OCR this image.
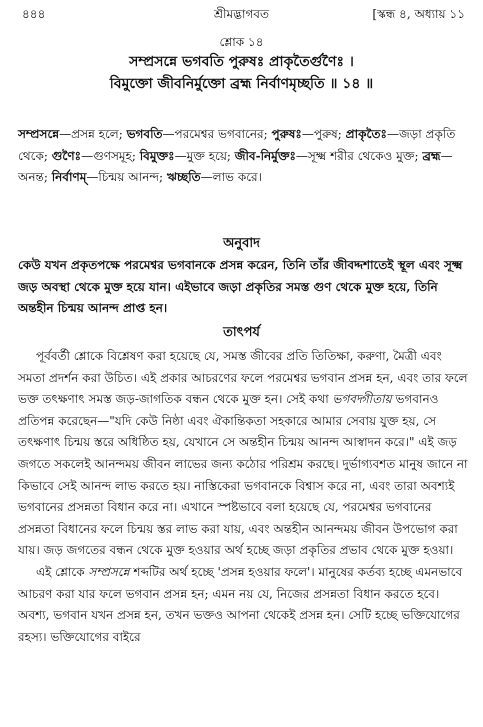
৪৪৪	শ্রীমদ্ভাগবত	[স্কন্ধ ৪, অধ্যায় ১১
শ্লোক ১৪
সম্প্রসন্নে ভগবতি পুরুষঃ প্রাকৃতৈর্গুণৈঃ ।
বিমুক্তো জীবনির্মুক্তো ব্রহ্ম নির্বাণমৃচ্ছতি ॥ ১৪ ॥

সম্প্রসন্নে—প্রসন্ন হলে; ভগবতি—পরমেশ্বর ভগবানের; পুরুষঃ—পুরুষ; প্রাকৃতৈঃ—জড়া প্রকৃতি থেকে; গুণৈঃ—গুণসমূহ; বিমুক্তঃ—মুক্ত হয়ে; জীব-নির্মুক্তঃ—সূক্ষ্ম শরীর থেকেও মুক্ত; ব্রহ্ম—অনন্ত; নির্বাণম্—চিন্ময় আনন্দ; ঋচ্ছতি—লাভ করে।

অনুবাদ

কেউ যখন প্রকৃতপক্ষে পরমেশ্বর ভগবানকে প্রসন্ন করেন, তিনি তাঁর জীবদ্দশাতেই স্থূল এবং সূক্ষ্ম জড় অবস্থা থেকে মুক্ত হয়ে যান। এইভাবে জড়া প্রকৃতির সমস্ত গুণ থেকে মুক্ত হয়ে, তিনি অন্তহীন চিন্ময় আনন্দ প্রাপ্ত হন।

তাৎপর্য

পূর্ববর্তী শ্লোকে বিশ্লেষণ করা হয়েছে যে, সমস্ত জীবের প্রতি তিতিক্ষা, করুণা, মৈত্রী এবং সমতা প্রদর্শন করা উচিত। এই প্রকার আচরণের ফলে পরমেশ্বর ভগবান প্রসন্ন হন, এবং তার ফলে ভক্ত তৎক্ষণাৎ সমস্ত জড়-জাগতিক বন্ধন থেকে মুক্ত হন। সেই কথা ভগবদ্গীতায় ভগবানও প্রতিপন্ন করেছেন—"যদি কেউ নিষ্ঠা এবং ঐকান্তিকতা সহকারে আমার সেবায় যুক্ত হয়, সে তৎক্ষণাৎ চিন্ময় স্তরে অধিষ্ঠিত হয়, যেখানে সে অন্তহীন চিন্ময় আনন্দ আস্বাদন করে।" এই জড় জগতে সকলেই আনন্দময় জীবন লাভের জন্য কঠোর পরিশ্রম করছে। দুর্ভাগ্যবশত মানুষ জানে না কিভাবে সেই আনন্দ লাভ করতে হয়। নাস্তিকেরা ভগবানকে বিশ্বাস করে না, এবং তারা অবশ্যই ভগবানের প্রসন্নতা বিধান করে না। এখানে স্পষ্টভাবে বলা হয়েছে যে, পরমেশ্বর ভগবানের প্রসন্নতা বিধানের ফলে চিন্ময় স্তর লাভ করা যায়, এবং অন্তহীন আনন্দময় জীবন উপভোগ করা যায়। জড় জগতের বন্ধন থেকে মুক্ত হওয়ার অর্থ হচ্ছে জড়া প্রকৃতির প্রভাব থেকে মুক্ত হওয়া।

এই শ্লোকে সম্প্রসন্নে শব্দটির অর্থ হচ্ছে 'প্রসন্ন হওয়ার ফলে'। মানুষের কর্তব্য হচ্ছে এমনভাবে আচরণ করা যার ফলে ভগবান প্রসন্ন হন; এমন নয় যে, নিজের প্রসন্নতা বিধান করতে হবে। অবশ্য, ভগবান যখন প্রসন্ন হন, তখন ভক্তও আপনা থেকেই প্রসন্ন হন। সেটি হচ্ছে ভক্তিযোগের রহস্য। ভক্তিযোগের বাইরে
